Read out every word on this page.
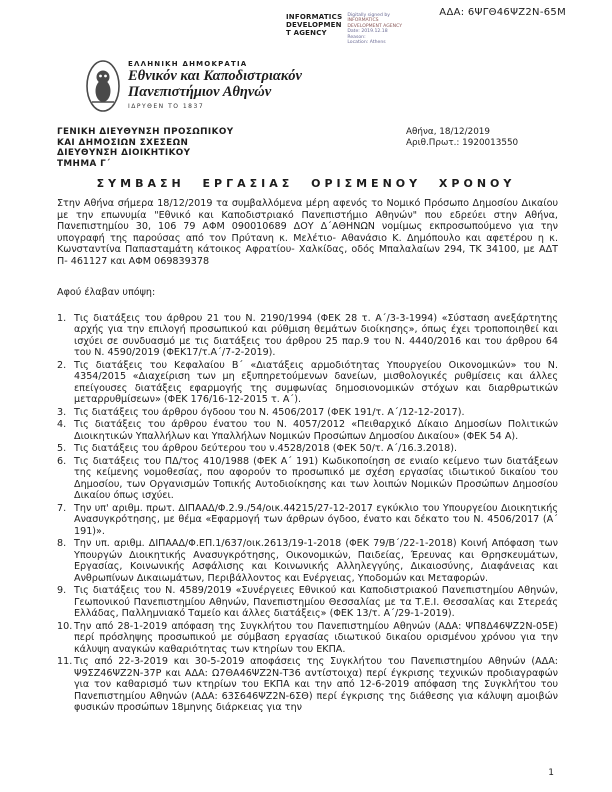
ΑΔΑ: 6ΨΓΘ46ΨΖ2Ν-65Μ
INFORMATICS
DEVELOPMEN
T AGENCY
Digitally signed by
INFORMATICS
DEVELOPMENT AGENCY
Date: 2019.12.18
Reason:
Location: Athens
ΕΛΛΗΝΙΚΗ ΔΗΜΟΚΡΑΤΙΑ
Εθνικόν και Καποδιστριακόν
Πανεπιστήμιον Αθηνών
ΙΔΡΥΘΕΝ ΤΟ 1837
ΓΕΝΙΚΗ ΔΙΕΥΘΥΝΣΗ ΠΡΟΣΩΠΙΚΟΥ
ΚΑΙ ΔΗΜΟΣΙΩΝ ΣΧΕΣΕΩΝ
ΔΙΕΥΘΥΝΣΗ ΔΙΟΙΚΗΤΙΚΟΥ
ΤΜΗΜΑ Γ΄
Αθήνα, 18/12/2019
Αριθ.Πρωτ.: 1920013550
ΣΥΜΒΑΣΗ ΕΡΓΑΣΙΑΣ ΟΡΙΣΜΕΝΟΥ ΧΡΟΝΟΥ

Στην Αθήνα σήμερα 18/12/2019 τα συμβαλλόμενα μέρη αφενός το Νομικό Πρόσωπο Δημοσίου Δικαίου με την επωνυμία "Εθνικό και Καποδιστριακό Πανεπιστήμιο Αθηνών" που εδρεύει στην Αθήνα, Πανεπιστημίου 30, 106 79 ΑΦΜ 090010689 ΔΟΥ Δ΄ΑΘΗΝΩΝ νομίμως εκπροσωπούμενο για την υπογραφή της παρούσας από τον Πρύτανη κ. Μελέτιο- Αθανάσιο Κ. Δημόπουλο και αφετέρου η κ. Κωνσταντίνα Παπασταμάτη κάτοικος Αφρατίου- Χαλκίδας, οδός Μπαλαλαίων 294, ΤΚ 34100, με ΑΔΤ Π- 461127 και ΑΦΜ 069839378

Αφού έλαβαν υπόψη:

1. Τις διατάξεις του άρθρου 21 του Ν. 2190/1994 (ΦΕΚ 28 τ. Α΄/3-3-1994) «Σύσταση ανεξάρτητης αρχής για την επιλογή προσωπικού και ρύθμιση θεμάτων διοίκησης», όπως έχει τροποποιηθεί και ισχύει σε συνδυασμό με τις διατάξεις του άρθρου 25 παρ.9 του Ν. 4440/2016 και του άρθρου 64 του Ν. 4590/2019 (ΦΕΚ17/τ.Α΄/7-2-2019).
2. Τις διατάξεις του Κεφαλαίου Β΄ «Διατάξεις αρμοδιότητας Υπουργείου Οικονομικών» του Ν. 4354/2015 «Διαχείριση των μη εξυπηρετούμενων δανείων, μισθολογικές ρυθμίσεις και άλλες επείγουσες διατάξεις εφαρμογής της συμφωνίας δημοσιονομικών στόχων και διαρθρωτικών μεταρρυθμίσεων» (ΦΕΚ 176/16-12-2015 τ. Α΄).
3. Τις διατάξεις του άρθρου όγδοου του Ν. 4506/2017 (ΦΕΚ 191/τ. Α΄/12-12-2017).
4. Τις διατάξεις του άρθρου ένατου του Ν. 4057/2012 «Πειθαρχικό Δίκαιο Δημοσίων Πολιτικών Διοικητικών Υπαλλήλων και Υπαλλήλων Νομικών Προσώπων Δημοσίου Δικαίου» (ΦΕΚ 54 Α).
5. Τις διατάξεις του άρθρου δεύτερου του ν.4528/2018 (ΦΕΚ 50/τ. Α΄/16.3.2018).
6. Τις διατάξεις του ΠΔ/τος 410/1988 (ΦΕΚ Α΄ 191) Κωδικοποίηση σε ενιαίο κείμενο των διατάξεων της κείμενης νομοθεσίας, που αφορούν το προσωπικό με σχέση εργασίας ιδιωτικού δικαίου του Δημοσίου, των Οργανισμών Τοπικής Αυτοδιοίκησης και των λοιπών Νομικών Προσώπων Δημοσίου Δικαίου όπως ισχύει.
7. Την υπ' αριθμ. πρωτ. ΔΙΠΑΑΔ/Φ.2.9./54/οικ.44215/27-12-2017 εγκύκλιο του Υπουργείου Διοικητικής Ανασυγκρότησης, με θέμα «Εφαρμογή των άρθρων όγδοο, ένατο και δέκατο του Ν. 4506/2017 (Α΄ 191)».
8. Την υπ. αριθμ. ΔΙΠΑΑΔ/Φ.ΕΠ.1/637/οικ.2613/19-1-2018 (ΦΕΚ 79/Β΄/22-1-2018) Κοινή Απόφαση των Υπουργών Διοικητικής Ανασυγκρότησης, Οικονομικών, Παιδείας, Έρευνας και Θρησκευμάτων, Εργασίας, Κοινωνικής Ασφάλισης και Κοινωνικής Αλληλεγγύης, Δικαιοσύνης, Διαφάνειας και Ανθρωπίνων Δικαιωμάτων, Περιβάλλοντος και Ενέργειας, Υποδομών και Μεταφορών.
9. Τις διατάξεις του Ν. 4589/2019 «Συνέργειες Εθνικού και Καποδιστριακού Πανεπιστημίου Αθηνών, Γεωπονικού Πανεπιστημίου Αθηνών, Πανεπιστημίου Θεσσαλίας με τα Τ.Ε.Ι. Θεσσαλίας και Στερεάς Ελλάδας, Παλλημνιακό Ταμείο και άλλες διατάξεις» (ΦΕΚ 13/τ. Α΄/29-1-2019).
10. Την από 28-1-2019 απόφαση της Συγκλήτου του Πανεπιστημίου Αθηνών (ΑΔΑ: ΨΠ8Δ46ΨΖ2Ν-05Ε) περί πρόσληψης προσωπικού με σύμβαση εργασίας ιδιωτικού δικαίου ορισμένου χρόνου για την κάλυψη αναγκών καθαριότητας των κτηρίων του ΕΚΠΑ.
11. Τις από 22-3-2019 και 30-5-2019 αποφάσεις της Συγκλήτου του Πανεπιστημίου Αθηνών (ΑΔΑ: Ψ9ΣΖ46ΨΖ2Ν-37Ρ και ΑΔΑ: Ω7ΘΑ46ΨΖ2Ν-Τ36 αντίστοιχα) περί έγκρισης τεχνικών προδιαγραφών για τον καθαρισμό των κτηρίων του ΕΚΠΑ και την από 12-6-2019 απόφαση της Συγκλήτου του Πανεπιστημίου Αθηνών (ΑΔΑ: 63Σ646ΨΖ2Ν-6ΣΘ) περί έγκρισης της διάθεσης για κάλυψη αμοιβών φυσικών προσώπων 18μηνης διάρκειας για την
1
